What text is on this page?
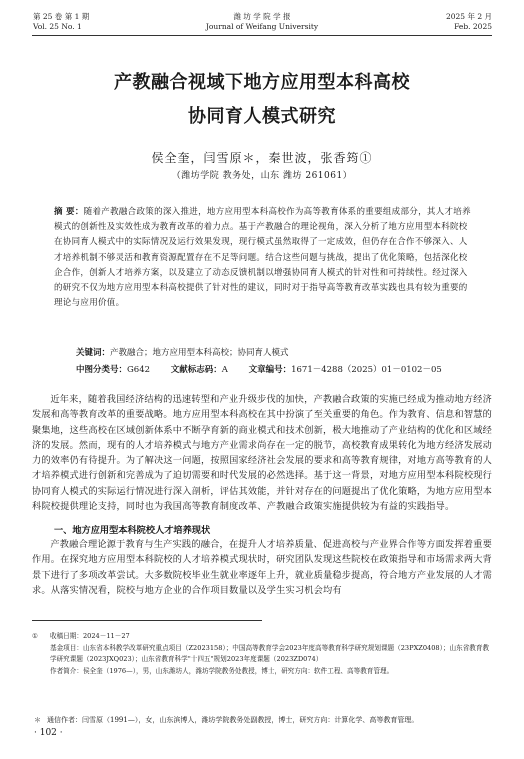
第 25 卷 第 1 期
Vol. 25 No. 1
潍 坊 学 院 学 报
Journal of Weifang University
2025 年 2 月
Feb. 2025
产教融合视域下地方应用型本科高校
协同育人模式研究
侯全奎，闫雪原＊，秦世波，张香筠①
（潍坊学院 教务处，山东 潍坊 261061）
摘 要：随着产教融合政策的深入推进，地方应用型本科高校作为高等教育体系的重要组成部分，其人才培养模式的创新性及实效性成为教育改革的着力点。基于产教融合的理论视角，深入分析了地方应用型本科院校在协同育人模式中的实际情况及运行效果发现，现行模式虽然取得了一定成效，但仍存在合作不够深入、人才培养机制不够灵活和教育资源配置存在不足等问题。结合这些问题与挑战，提出了优化策略，包括深化校企合作，创新人才培养方案，以及建立了动态反馈机制以增强协同育人模式的针对性和可持续性。经过深入的研究不仅为地方应用型本科高校提供了针对性的建议，同时对于指导高等教育改革实践也具有较为重要的理论与应用价值。
关键词：产教融合；地方应用型本科高校；协同育人模式
中图分类号：G642 文献标志码：A 文章编号：1671－4288（2025）01－0102－05
近年来，随着我国经济结构的迅速转型和产业升级步伐的加快，产教融合政策的实施已经成为推动地方经济发展和高等教育改革的重要战略。地方应用型本科高校在其中扮演了至关重要的角色。作为教育、信息和智慧的聚集地，这些高校在区域创新体系中不断孕育新的商业模式和技术创新，极大地推动了产业结构的优化和区域经济的发展。然而，现有的人才培养模式与地方产业需求尚存在一定的脱节，高校教育成果转化为地方经济发展动力的效率仍有待提升。为了解决这一问题，按照国家经济社会发展的要求和高等教育规律，对地方高等教育的人才培养模式进行创新和完善成为了迫切需要和时代发展的必然选择。基于这一背景，对地方应用型本科院校现行协同育人模式的实际运行情况进行深入剖析，评估其效能，并针对存在的问题提出了优化策略，为地方应用型本科院校提供理论支持，同时也为我国高等教育制度改革、产教融合政策实施提供较为有益的实践指导。
一、地方应用型本科院校人才培养现状
产教融合理论源于教育与生产实践的融合，在提升人才培养质量、促进高校与产业界合作等方面发挥着重要作用。在探究地方应用型本科院校的人才培养模式现状时，研究团队发现这些院校在政策指导和市场需求两大背景下进行了多项改革尝试。大多数院校毕业生就业率逐年上升，就业质量稳步提高，符合地方产业发展的人才需求。从落实情况看，院校与地方企业的合作项目数量以及学生实习机会均有
① 收稿日期：2024－11－27
基金项目：山东省本科教学改革研究重点项目（Z2023158）；中国高等教育学会2023年度高等教育科学研究规划课题（23PXZ0408）；山东省教育教学研究课题（2023JXQ023）；山东省教育科学"十四五"规划2023年度课题（2023ZD074）
作者简介：侯全奎（1976—），男，山东潍坊人，潍坊学院教务处教授，博士，研究方向：软件工程、高等教育管理。
＊ 通信作者：闫雪原（1991—），女，山东滨博人，潍坊学院教务处副教授，博士，研究方向：计算化学、高等教育管理。
· 102 ·
